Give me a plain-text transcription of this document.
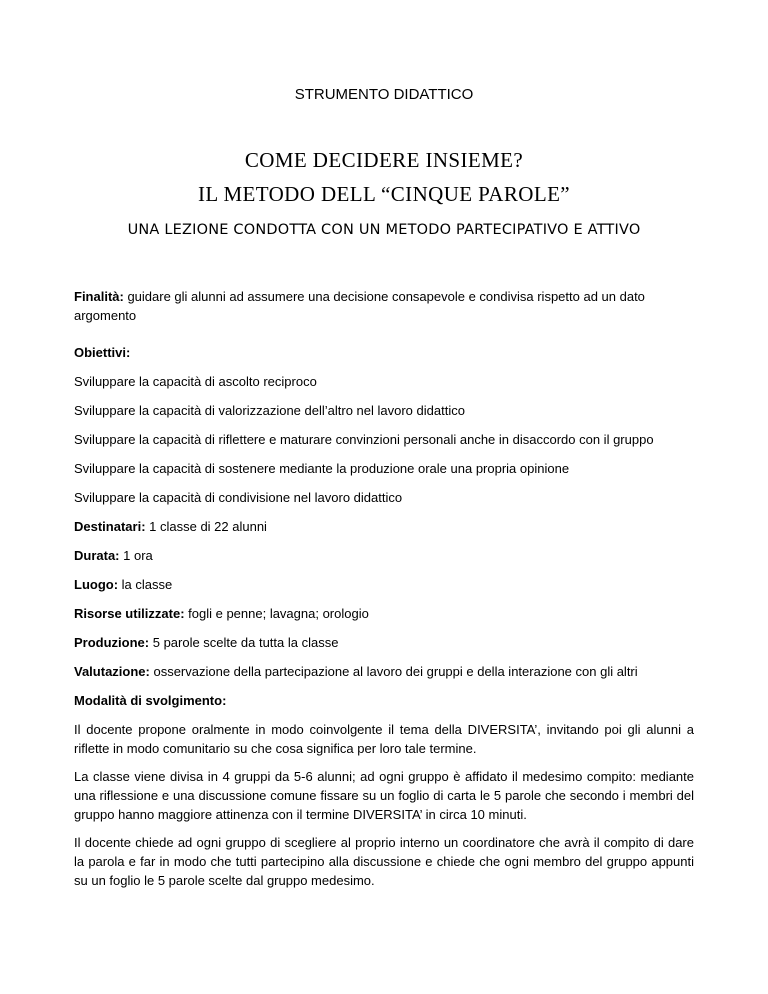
STRUMENTO DIDATTICO
COME DECIDERE INSIEME?
IL METODO DELL “CINQUE PAROLE”
UNA LEZIONE CONDOTTA CON UN METODO PARTECIPATIVO E ATTIVO
Finalità: guidare gli alunni ad assumere una decisione consapevole e condivisa rispetto ad un dato argomento
Obiettivi:
Sviluppare la capacità di ascolto reciproco
Sviluppare la capacità di valorizzazione dell’altro nel lavoro didattico
Sviluppare la capacità di riflettere e maturare convinzioni personali anche in disaccordo con il gruppo
Sviluppare la capacità di sostenere mediante la produzione orale una propria opinione
Sviluppare la capacità di condivisione nel lavoro didattico
Destinatari: 1 classe di 22 alunni
Durata: 1 ora
Luogo: la classe
Risorse utilizzate: fogli e penne; lavagna; orologio
Produzione: 5 parole scelte da tutta la classe
Valutazione: osservazione della partecipazione al lavoro dei gruppi e della interazione con gli altri
Modalità di svolgimento:
Il docente propone oralmente in modo coinvolgente il tema della DIVERSITA’, invitando poi gli alunni a riflette in modo comunitario su che cosa significa per loro tale termine.
La classe viene divisa in 4 gruppi da 5-6 alunni; ad ogni gruppo è affidato il medesimo compito: mediante una riflessione e una discussione comune fissare su un foglio di carta le 5 parole che secondo i membri del gruppo hanno maggiore attinenza con il termine DIVERSITA’ in circa 10 minuti.
Il docente chiede ad ogni gruppo di scegliere al proprio interno un coordinatore che avrà il compito di dare la parola e far in modo che tutti partecipino alla discussione e chiede che ogni membro del gruppo appunti su un foglio le 5 parole scelte dal gruppo medesimo.
